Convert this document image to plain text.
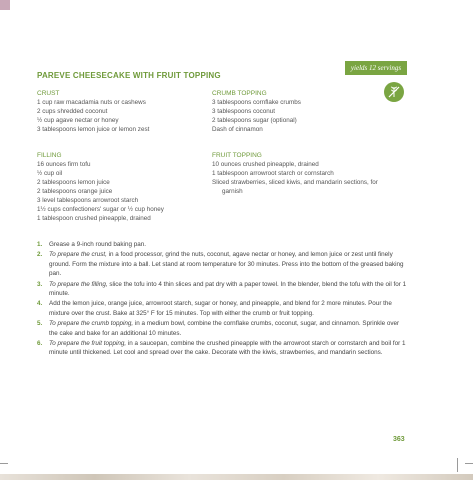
yields 12 servings
PAREVE CHEESECAKE WITH FRUIT TOPPING
CRUST
1 cup raw macadamia nuts or cashews
2 cups shredded coconut
½ cup agave nectar or honey
3 tablespoons lemon juice or lemon zest
CRUMB TOPPING
3 tablespoons cornflake crumbs
3 tablespoons coconut
2 tablespoons sugar (optional)
Dash of cinnamon
FILLING
16 ounces firm tofu
½ cup oil
2 tablespoons lemon juice
2 tablespoons orange juice
3 level tablespoons arrowroot starch
1½ cups confectioners' sugar or ½ cup honey
1 tablespoon crushed pineapple, drained
FRUIT TOPPING
10 ounces crushed pineapple, drained
1 tablespoon arrowroot starch or cornstarch
Sliced strawberries, sliced kiwis, and mandarin sections, for
garnish
1. Grease a 9-inch round baking pan.
2. To prepare the crust, in a food processor, grind the nuts, coconut, agave nectar or honey, and lemon juice or zest until finely ground. Form the mixture into a ball. Let stand at room temperature for 30 minutes. Press into the bottom of the greased baking pan.
3. To prepare the filling, slice the tofu into 4 thin slices and pat dry with a paper towel. In the blender, blend the tofu with the oil for 1 minute.
4. Add the lemon juice, orange juice, arrowroot starch, sugar or honey, and pineapple, and blend for 2 more minutes. Pour the mixture over the crust. Bake at 325° F for 15 minutes. Top with either the crumb or fruit topping.
5. To prepare the crumb topping, in a medium bowl, combine the cornflake crumbs, coconut, sugar, and cinnamon. Sprinkle over the cake and bake for an additional 10 minutes.
6. To prepare the fruit topping, in a saucepan, combine the crushed pineapple with the arrowroot starch or cornstarch and boil for 1 minute until thickened. Let cool and spread over the cake. Decorate with the kiwis, strawberries, and mandarin sections.
363
